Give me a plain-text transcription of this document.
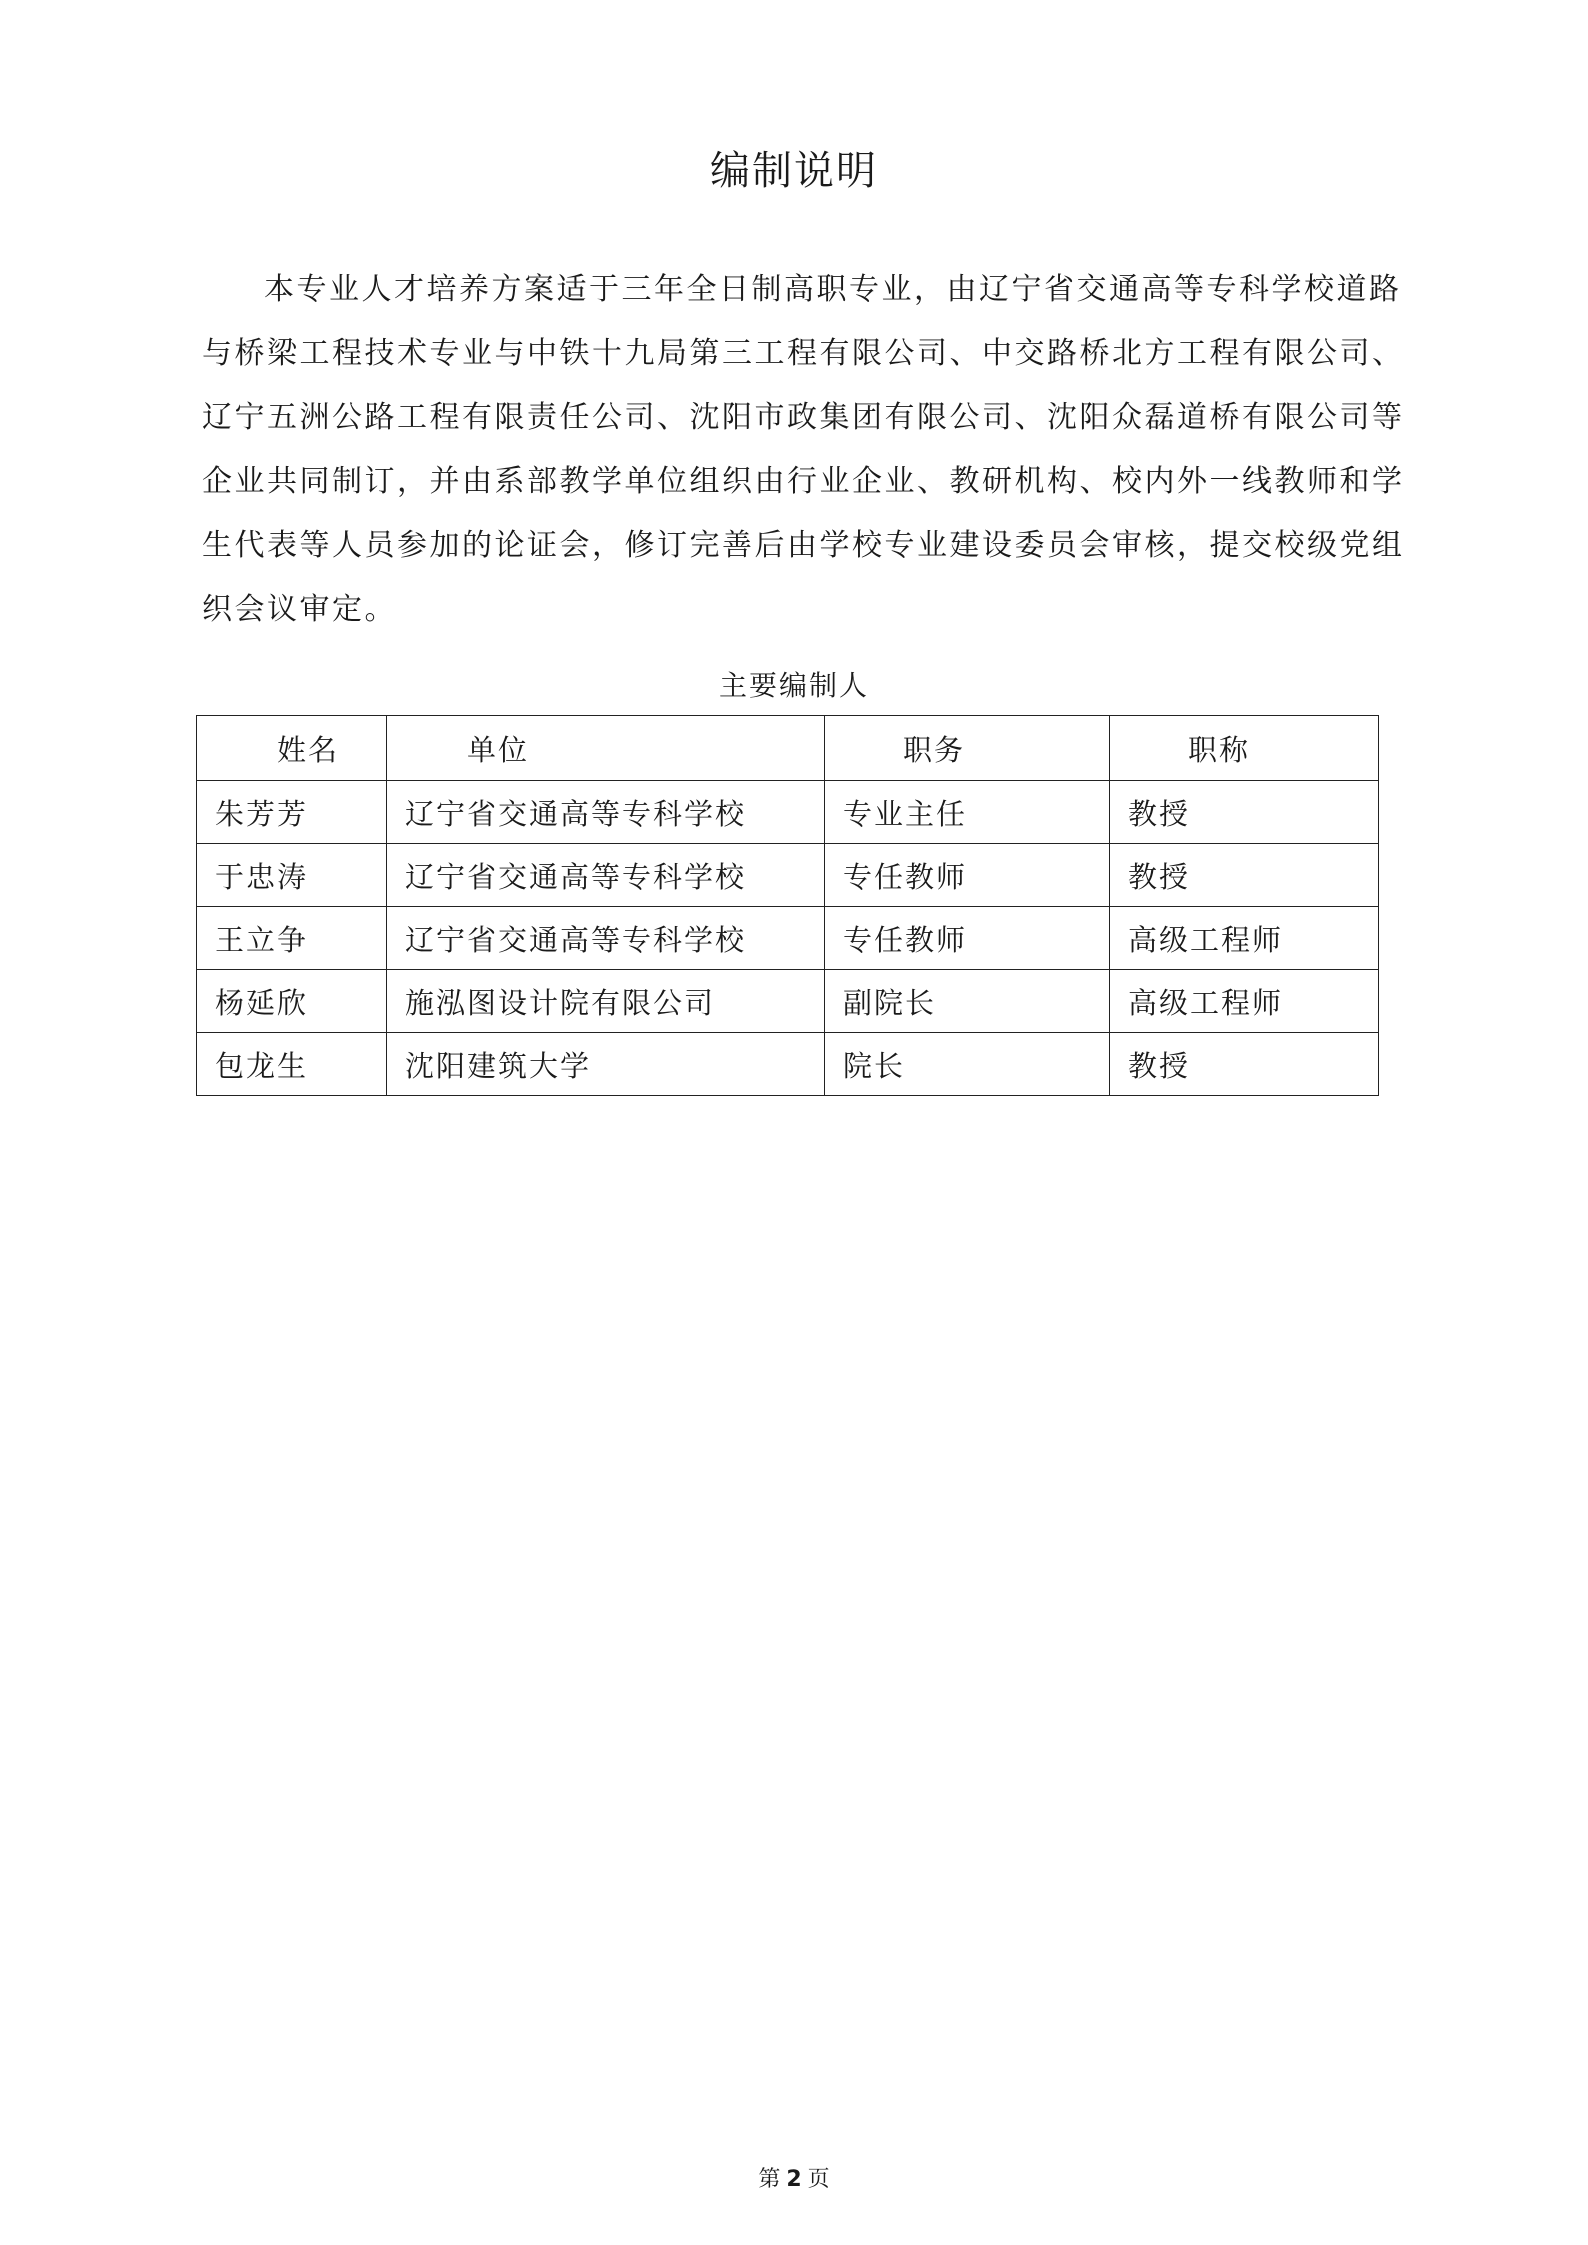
编制说明
本专业人才培养方案适于三年全日制高职专业，由辽宁省交通高等专科学校道路
与桥梁工程技术专业与中铁十九局第三工程有限公司、中交路桥北方工程有限公司、
辽宁五洲公路工程有限责任公司、沈阳市政集团有限公司、沈阳众磊道桥有限公司等
企业共同制订，并由系部教学单位组织由行业企业、教研机构、校内外一线教师和学
生代表等人员参加的论证会，修订完善后由学校专业建设委员会审核，提交校级党组
织会议审定。
主要编制人
姓名	单位	职务	职称
朱芳芳	辽宁省交通高等专科学校	专业主任	教授
于忠涛	辽宁省交通高等专科学校	专任教师	教授
王立争	辽宁省交通高等专科学校	专任教师	高级工程师
杨延欣	施泓图设计院有限公司	副院长	高级工程师
包龙生	沈阳建筑大学	院长	教授
第 2 页
